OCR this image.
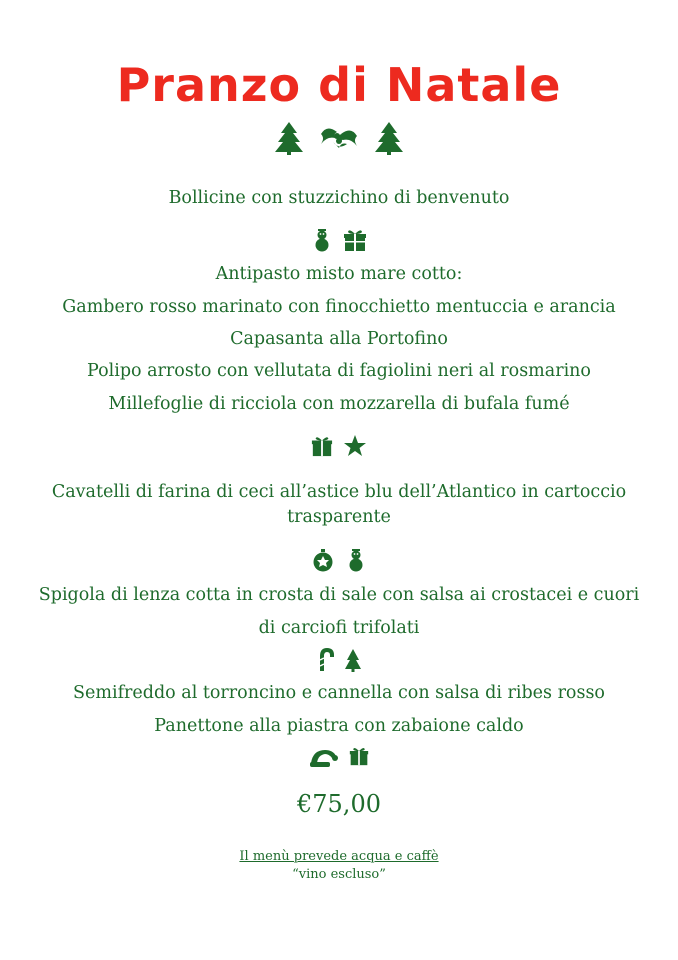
Pranzo di Natale

Bollicine con stuzzichino di benvenuto

Antipasto misto mare cotto:
Gambero rosso marinato con finocchietto mentuccia e arancia
Capasanta alla Portofino
Polipo arrosto con vellutata di fagiolini neri al rosmarino
Millefoglie di ricciola con mozzarella di bufala fumé

Cavatelli di farina di ceci all’astice blu dell’Atlantico in cartoccio
trasparente

Spigola di lenza cotta in crosta di sale con salsa ai crostacei e cuori
di carciofi trifolati

Semifreddo al torroncino e cannella con salsa di ribes rosso
Panettone alla piastra con zabaione caldo

€75,00
Il menù prevede acqua e caffè
“vino escluso”
